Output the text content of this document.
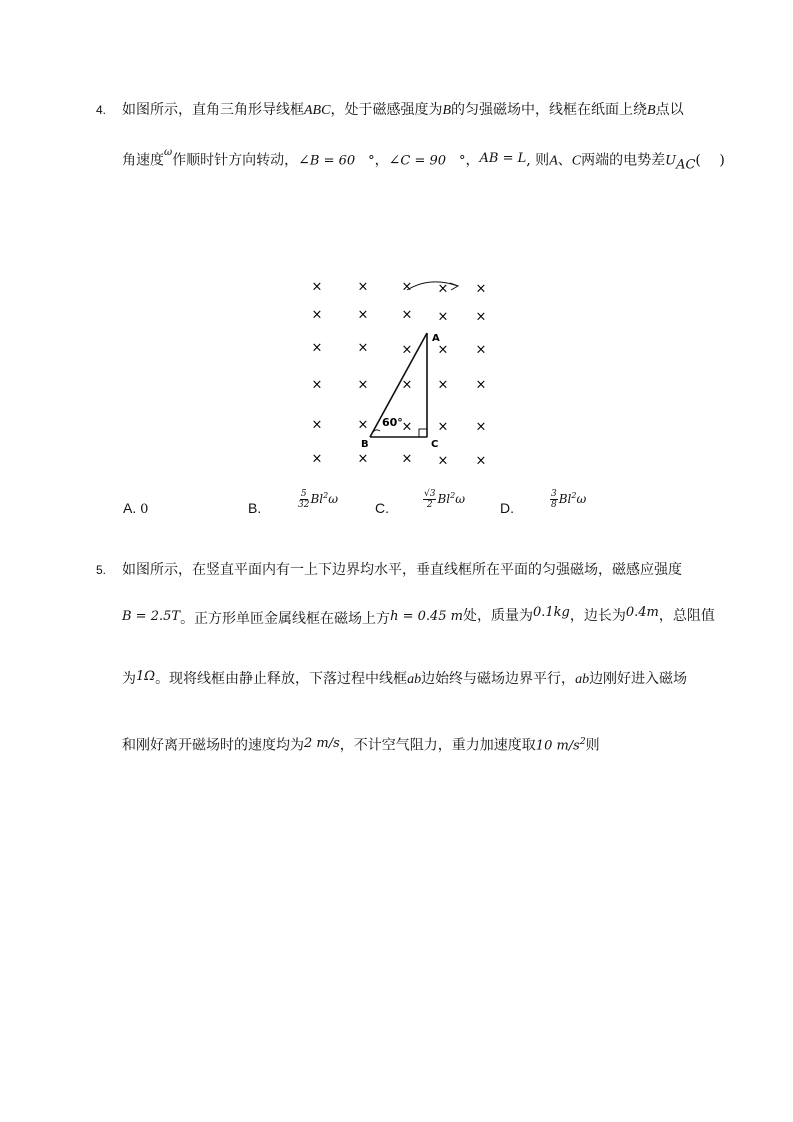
4. 如图所示，直角三角形导线框ABC，处于磁感强度为B的匀强磁场中，线框在纸面上绕B点以
角速度$^\omega$作顺时针方向转动，∠B = 60　°，∠C = 90　°，AB = L, 则A、C两端的电势差$U_{AC}$(　 )
×	×	× × ×
×	×	× × ×
×	×	× × ×
×	×	× × ×
×	×	× × ×
×	×	× × ×
A
B	C
60°
A. 0	B.	$\frac{5}{32} Bl^2\omega$
C.	$\frac{√3}{2} Bl^2\omega$
D.	$\frac{3}{8} Bl^2\omega$
5. 如图所示，在竖直平面内有一上下边界均水平，垂直线框所在平面的匀强磁场，磁感应强度
B = 2.5T。正方形单匝金属线框在磁场上方h = 0.45 m处，质量为0.1kg，边长为0.4m，总阻值
为1Ω。现将线框由静止释放，下落过程中线框ab边始终与磁场边界平行，ab边刚好进入磁场
和刚好离开磁场时的速度均为2 m/s，不计空气阻力，重力加速度取10 $m/s^2$则
